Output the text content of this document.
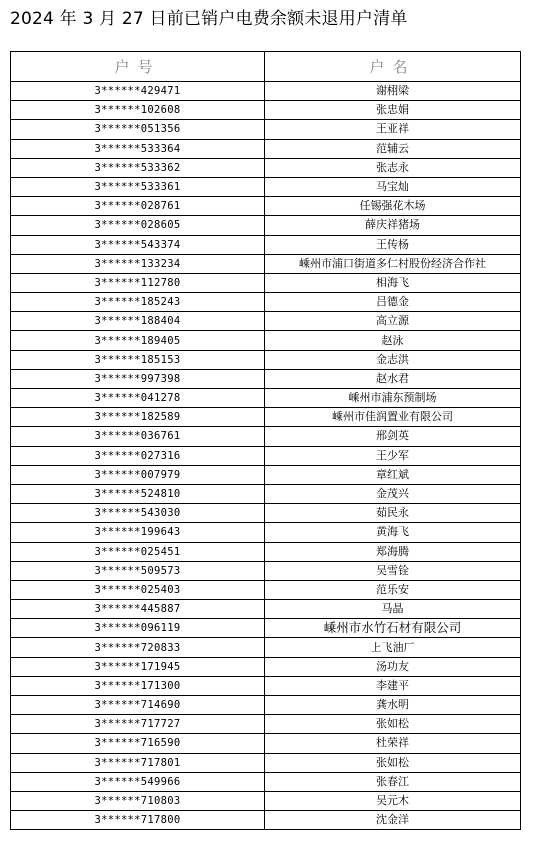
2024 年 3 月 27 日前已销户电费余额未退用户清单
户号	户名
3******429471	谢栩梁
3******102608	张忠娟
3******051356	王亚祥
3******533364	范辅云
3******533362	张志永
3******533361	马宝灿
3******028761	任锡强花木场
3******028605	薛庆祥猪场
3******543374	王传杨
3******133234	嵊州市浦口街道多仁村股份经济合作社
3******112780	相海飞
3******185243	吕德金
3******188404	高立源
3******189405	赵泳
3******185153	金志洪
3******997398	赵水君
3******041278	嵊州市浦东预制场
3******182589	嵊州市佳润置业有限公司
3******036761	邢剑英
3******027316	王少军
3******007979	章红斌
3******524810	金茂兴
3******543030	茹民永
3******199643	黄海飞
3******025451	郑海腾
3******509573	吴雪铨
3******025403	范乐安
3******445887	马晶
3******096119	嵊州市水竹石材有限公司
3******720833	上飞油厂
3******171945	汤功友
3******171300	李建平
3******714690	龚水明
3******717727	张如松
3******716590	杜荣祥
3******717801	张如松
3******549966	张春江
3******710803	吴元木
3******717800	沈金洋
